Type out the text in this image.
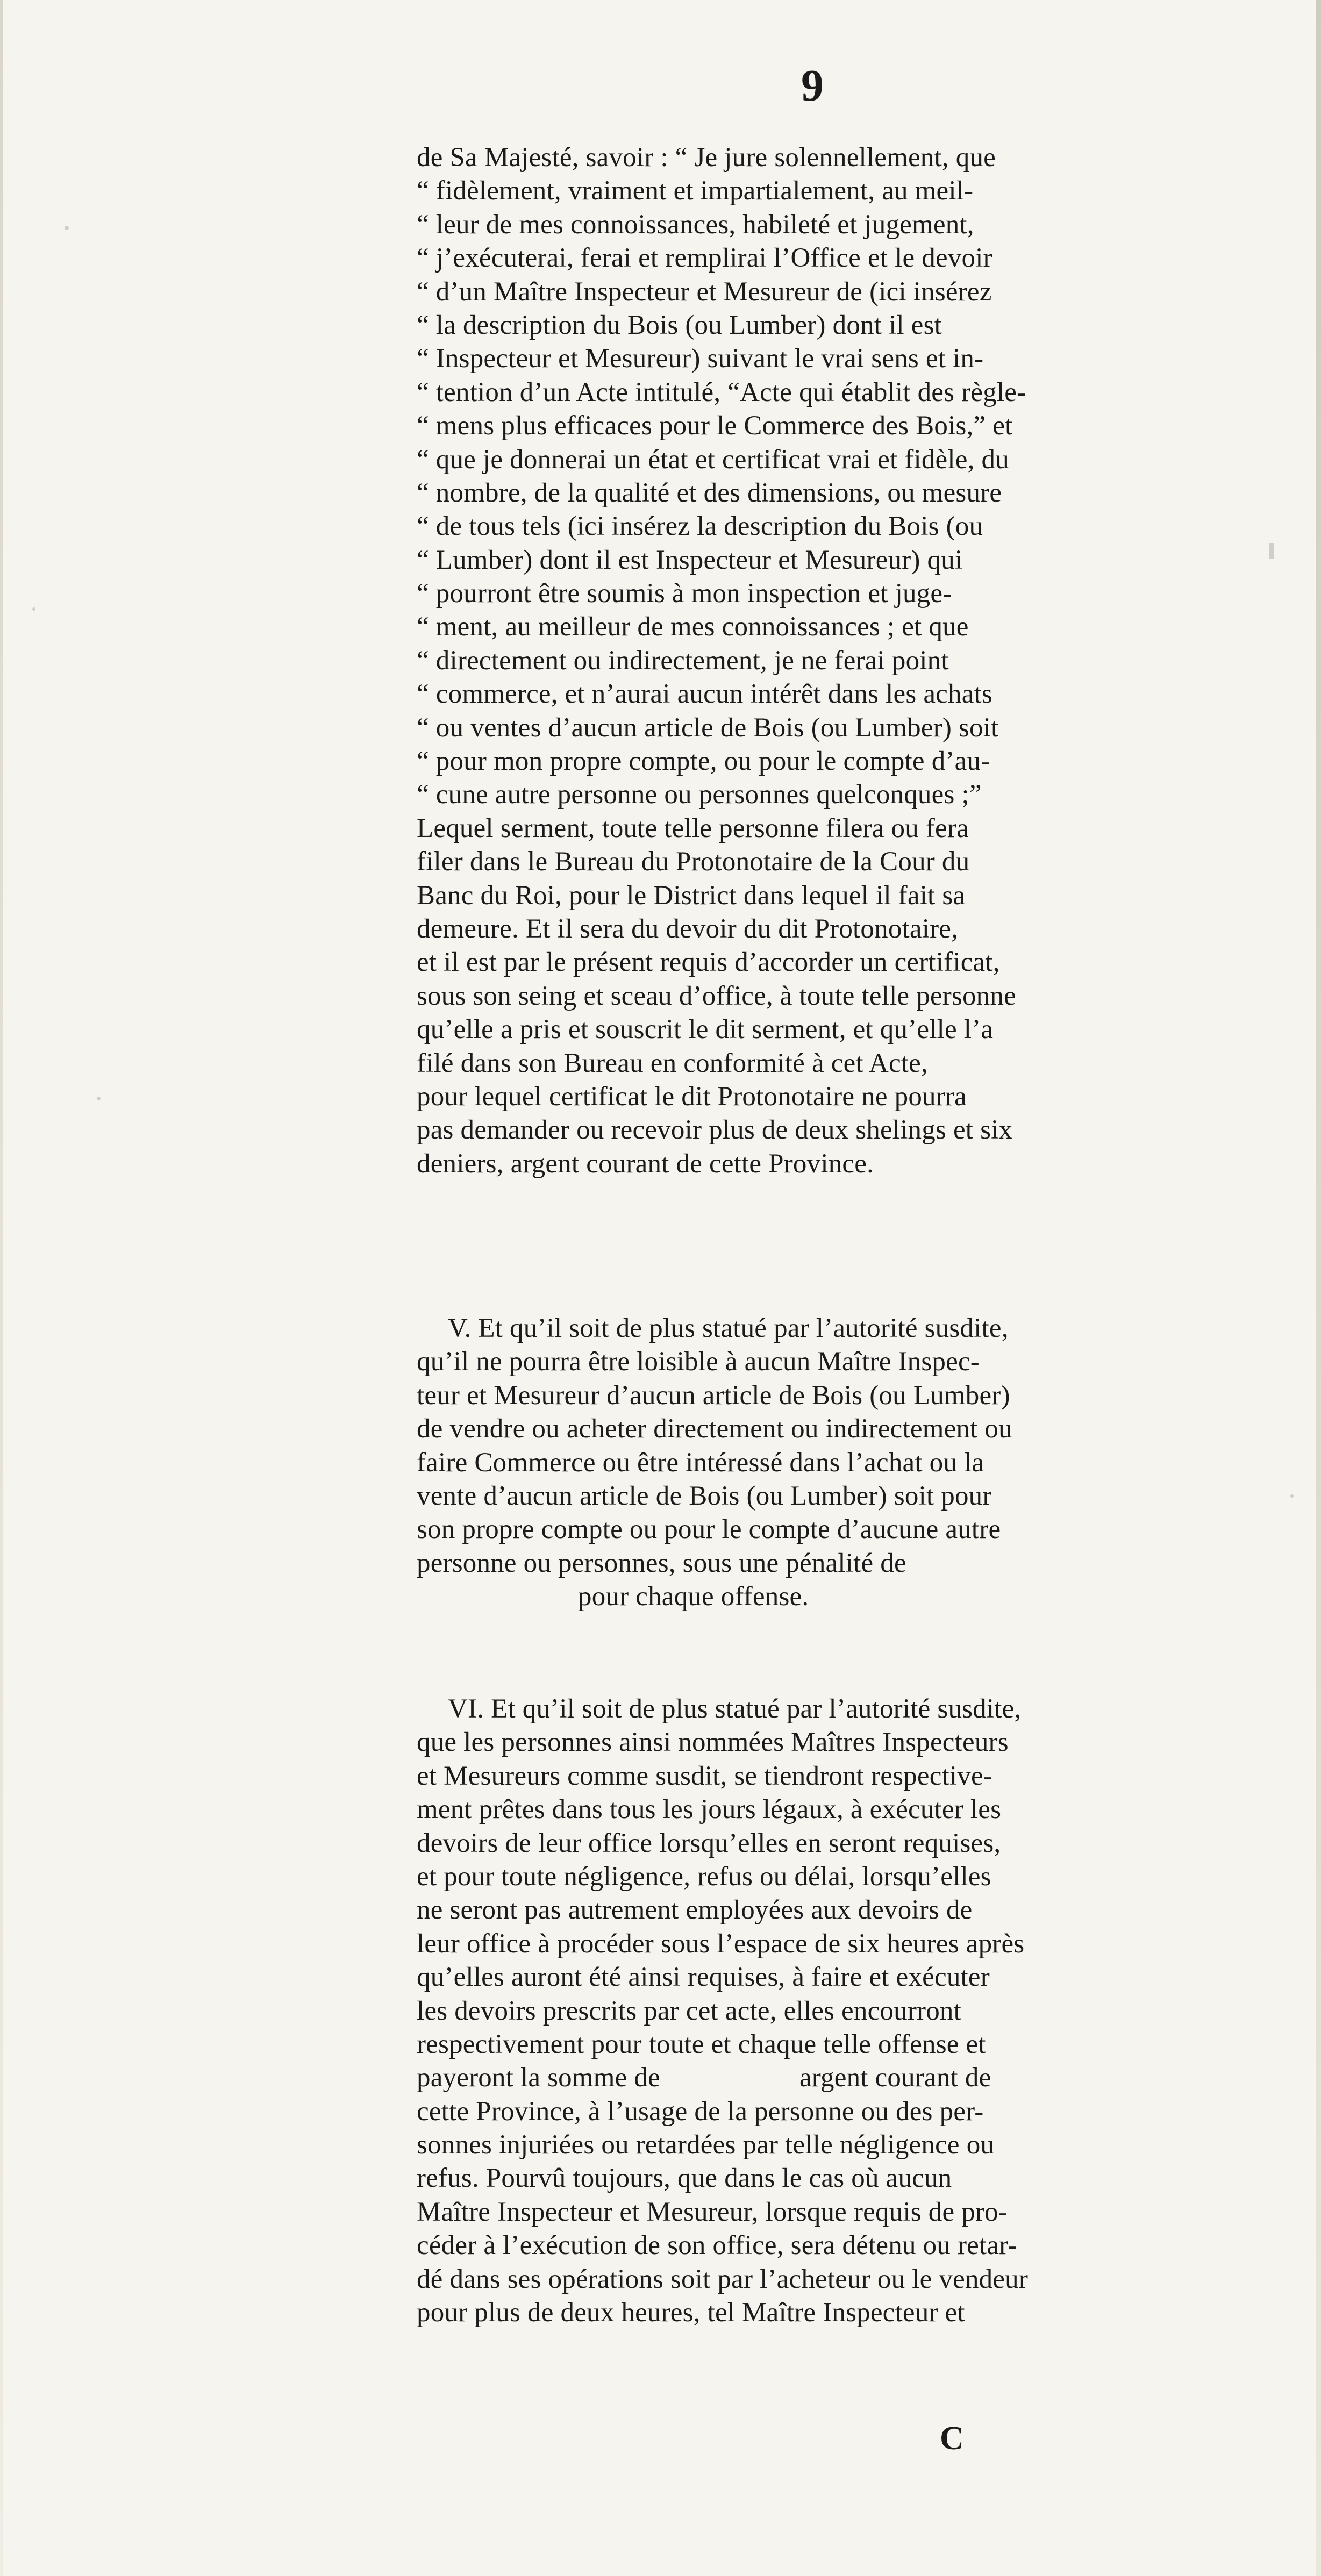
9
de Sa Majesté, savoir : “ Je jure solennellement, que
“ fidèlement, vraiment et impartialement, au meil-
“ leur de mes connoissances, habileté et jugement,
“ j’exécuterai, ferai et remplirai l’Office et le devoir
“ d’un Maître Inspecteur et Mesureur de (ici insérez
“ la description du Bois (ou Lumber) dont il est
“ Inspecteur et Mesureur) suivant le vrai sens et in-
“ tention d’un Acte intitulé, “Acte qui établit des règle-
“ mens plus efficaces pour le Commerce des Bois,” et
“ que je donnerai un état et certificat vrai et fidèle, du
“ nombre, de la qualité et des dimensions, ou mesure
“ de tous tels (ici insérez la description du Bois (ou
“ Lumber) dont il est Inspecteur et Mesureur) qui
“ pourront être soumis à mon inspection et juge-
“ ment, au meilleur de mes connoissances ; et que
“ directement ou indirectement, je ne ferai point
“ commerce, et n’aurai aucun intérêt dans les achats
“ ou ventes d’aucun article de Bois (ou Lumber) soit
“ pour mon propre compte, ou pour le compte d’au-
“ cune autre personne ou personnes quelconques ;”
Lequel serment, toute telle personne filera ou fera
filer dans le Bureau du Protonotaire de la Cour du
Banc du Roi, pour le District dans lequel il fait sa
demeure. Et il sera du devoir du dit Protonotaire,
et il est par le présent requis d’accorder un certificat,
sous son seing et sceau d’office, à toute telle personne
qu’elle a pris et souscrit le dit serment, et qu’elle l’a
filé dans son Bureau en conformité à cet Acte,
pour lequel certificat le dit Protonotaire ne pourra
pas demander ou recevoir plus de deux shelings et six
deniers, argent courant de cette Province.
V. Et qu’il soit de plus statué par l’autorité susdite,
qu’il ne pourra être loisible à aucun Maître Inspec-
teur et Mesureur d’aucun article de Bois (ou Lumber)
de vendre ou acheter directement ou indirectement ou
faire Commerce ou être intéressé dans l’achat ou la
vente d’aucun article de Bois (ou Lumber) soit pour
son propre compte ou pour le compte d’aucune autre
personne ou personnes, sous une pénalité de
pour chaque offense.
VI. Et qu’il soit de plus statué par l’autorité susdite,
que les personnes ainsi nommées Maîtres Inspecteurs
et Mesureurs comme susdit, se tiendront respective-
ment prêtes dans tous les jours légaux, à exécuter les
devoirs de leur office lorsqu’elles en seront requises,
et pour toute négligence, refus ou délai, lorsqu’elles
ne seront pas autrement employées aux devoirs de
leur office à procéder sous l’espace de six heures après
qu’elles auront été ainsi requises, à faire et exécuter
les devoirs prescrits par cet acte, elles encourront
respectivement pour toute et chaque telle offense et
payeront la somme de                    argent courant de
cette Province, à l’usage de la personne ou des per-
sonnes injuriées ou retardées par telle négligence ou
refus. Pourvû toujours, que dans le cas où aucun
Maître Inspecteur et Mesureur, lorsque requis de pro-
céder à l’exécution de son office, sera détenu ou retar-
dé dans ses opérations soit par l’acheteur ou le vendeur
pour plus de deux heures, tel Maître Inspecteur et
C
